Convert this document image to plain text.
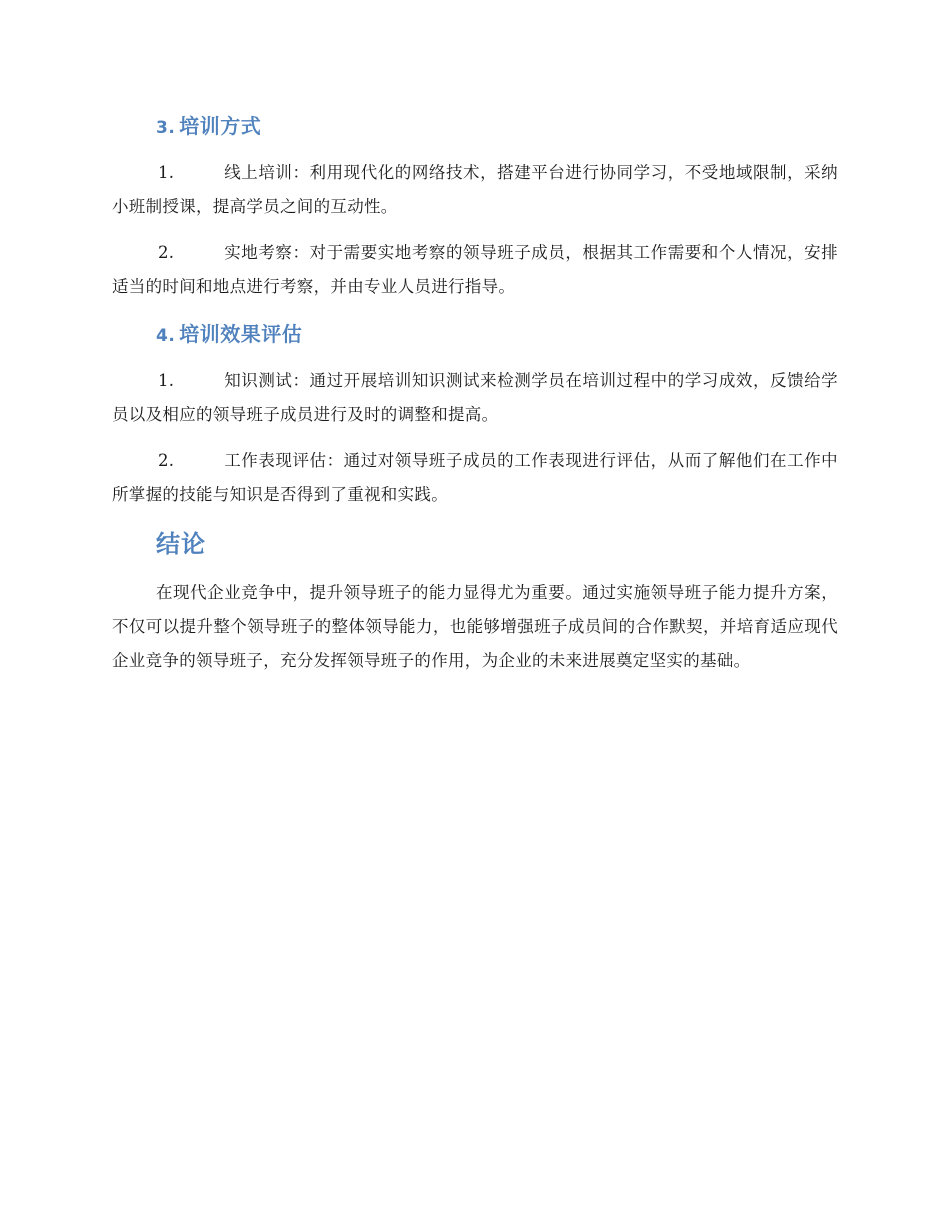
3. 培训方式

1.	线上培训：利用现代化的网络技术，搭建平台进行协同学习，不受地域限制，采纳小班制授课，提高学员之间的互动性。

2.	实地考察：对于需要实地考察的领导班子成员，根据其工作需要和个人情况，安排适当的时间和地点进行考察，并由专业人员进行指导。

4. 培训效果评估

1.	知识测试：通过开展培训知识测试来检测学员在培训过程中的学习成效，反馈给学员以及相应的领导班子成员进行及时的调整和提高。

2.	工作表现评估：通过对领导班子成员的工作表现进行评估，从而了解他们在工作中所掌握的技能与知识是否得到了重视和实践。

结论

在现代企业竞争中，提升领导班子的能力显得尤为重要。通过实施领导班子能力提升方案，不仅可以提升整个领导班子的整体领导能力，也能够增强班子成员间的合作默契，并培育适应现代企业竞争的领导班子，充分发挥领导班子的作用，为企业的未来进展奠定坚实的基础。
